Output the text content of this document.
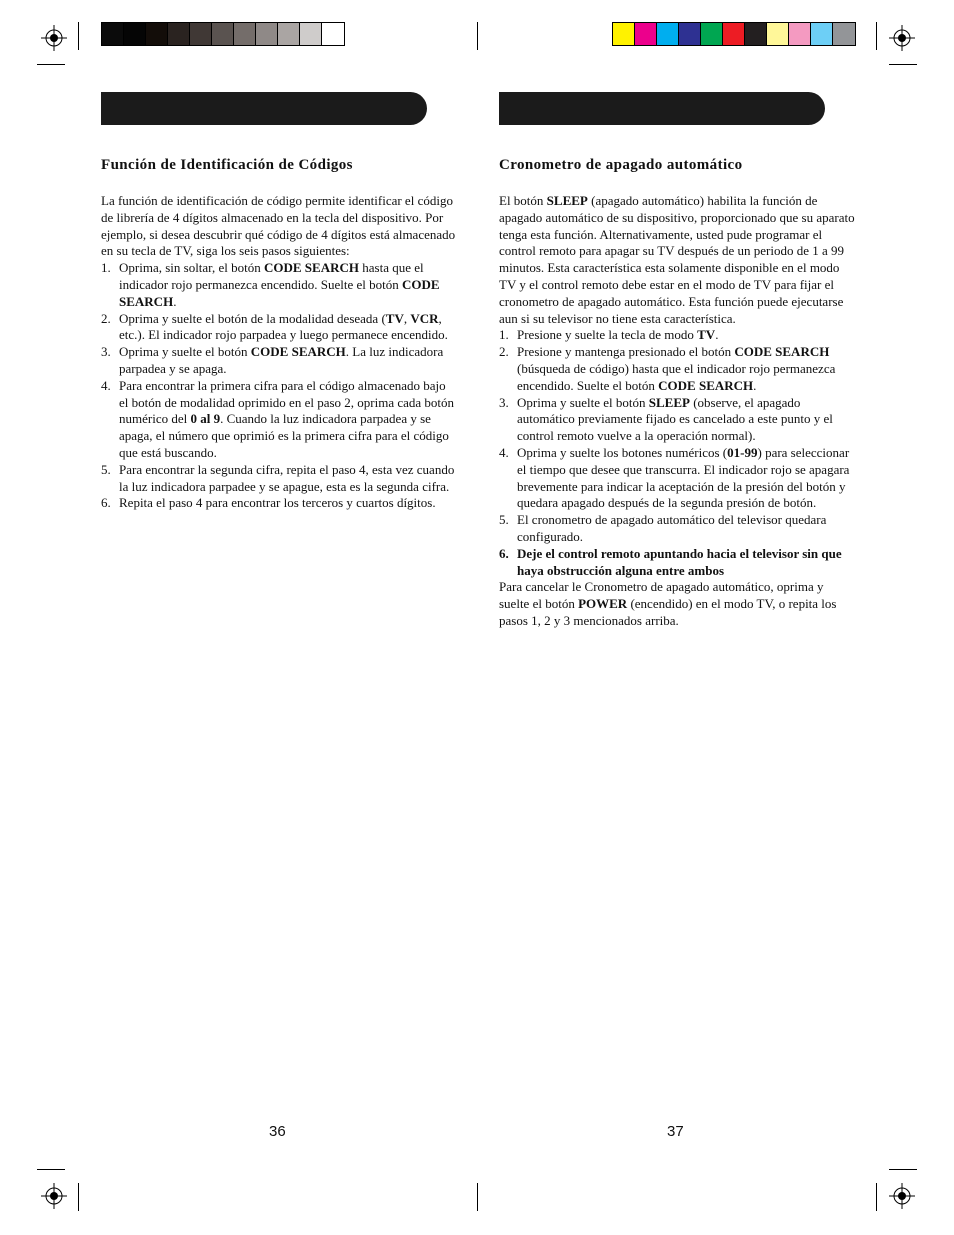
Función de Identificación de Códigos

La función de identificación de código permite identificar el código de librería de 4 dígitos almacenado en la tecla del dispositivo. Por ejemplo, si desea descubrir qué código de 4 dígitos está almacenado en su tecla de TV, siga los seis pasos siguientes:

1. Oprima, sin soltar, el botón CODE SEARCH hasta que el indicador rojo permanezca encendido. Suelte el botón CODE SEARCH.
2. Oprima y suelte el botón de la modalidad deseada (TV, VCR, etc.). El indicador rojo parpadea y luego permanece encendido.
3. Oprima y suelte el botón CODE SEARCH. La luz indicadora parpadea y se apaga.
4. Para encontrar la primera cifra para el código almacenado bajo el botón de modalidad oprimido en el paso 2, oprima cada botón numérico del 0 al 9. Cuando la luz indicadora parpadea y se apaga, el número que oprimió es la primera cifra para el código que está buscando.
5. Para encontrar la segunda cifra, repita el paso 4, esta vez cuando la luz indicadora parpadee y se apague, esta es la segunda cifra.
6. Repita el paso 4 para encontrar los terceros y cuartos dígitos.
36
Cronometro de apagado automático

El botón SLEEP (apagado automático) habilita la función de apagado automático de su dispositivo, proporcionado que su aparato tenga esta función. Alternativamente, usted pude programar el control remoto para apagar su TV después de un periodo de 1 a 99 minutos. Esta característica esta solamente disponible en el modo TV y el control remoto debe estar en el modo de TV para fijar el cronometro de apagado automático. Esta función puede ejecutarse aun si su televisor no tiene esta característica.

1. Presione y suelte la tecla de modo TV.
2. Presione y mantenga presionado el botón CODE SEARCH (búsqueda de código) hasta que el indicador rojo permanezca encendido. Suelte el botón CODE SEARCH.
3. Oprima y suelte el botón SLEEP (observe, el apagado automático previamente fijado es cancelado a este punto y el control remoto vuelve a la operación normal).
4. Oprima y suelte los botones numéricos (01-99) para seleccionar el tiempo que desee que transcurra. El indicador rojo se apagara brevemente para indicar la aceptación de la presión del botón y quedara apagado después de la segunda presión de botón.
5. El cronometro de apagado automático del televisor quedara configurado.
6. Deje el control remoto apuntando hacia el televisor sin que haya obstrucción alguna entre ambos

Para cancelar le Cronometro de apagado automático, oprima y suelte el botón POWER (encendido) en el modo TV, o repita los pasos 1, 2 y 3 mencionados arriba.

37
